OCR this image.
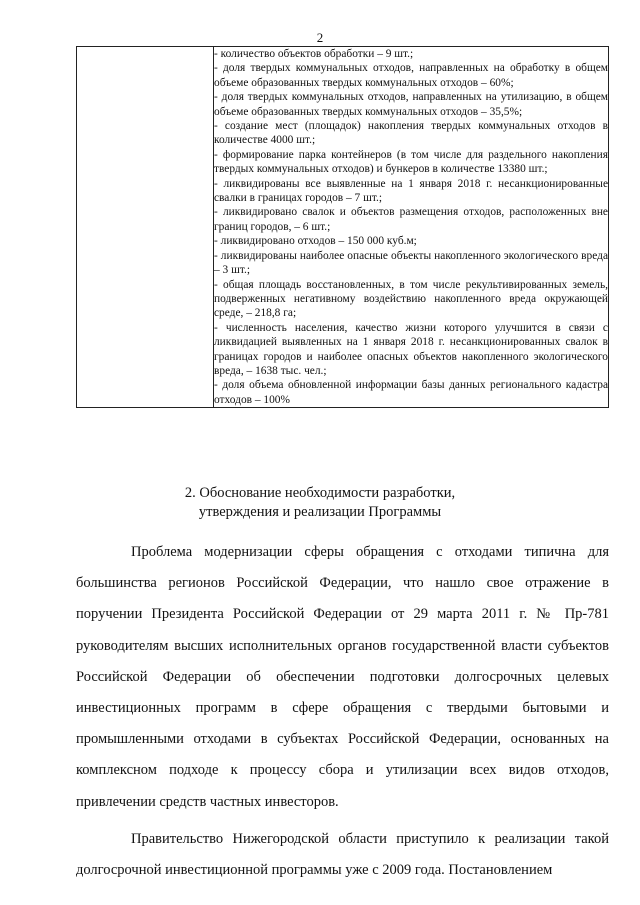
2

- количество объектов обработки – 9 шт.;

- доля твердых коммунальных отходов, направленных на обработку в общем объеме образованных твердых коммунальных отходов – 60%;

- доля твердых коммунальных отходов, направленных на утилизацию, в общем объеме образованных твердых коммунальных отходов – 35,5%;

- создание мест (площадок) накопления твердых коммунальных отходов в количестве 4000 шт.;

- формирование парка контейнеров (в том числе для раздельного накопления твердых коммунальных отходов) и бункеров в количестве 13380 шт.;

- ликвидированы все выявленные на 1 января 2018 г. несанкционированные свалки в границах городов – 7 шт.;

- ликвидировано свалок и объектов размещения отходов, расположенных вне границ городов, – 6 шт.;

- ликвидировано отходов – 150 000 куб.м;

- ликвидированы наиболее опасные объекты накопленного экологического вреда – 3 шт.;

- общая площадь восстановленных, в том числе рекультивированных земель, подверженных негативному воздействию накопленного вреда окружающей среде, – 218,8 га;

- численность населения, качество жизни которого улучшится в связи с ликвидацией выявленных на 1 января 2018 г. несанкционированных свалок в границах городов и наиболее опасных объектов накопленного экологического вреда, – 1638 тыс. чел.;

- доля объема обновленной информации базы данных регионального кадастра отходов – 100%

2. Обоснование необходимости разработки,
утверждения и реализации Программы

Проблема модернизации сферы обращения с отходами типична для большинства регионов Российской Федерации, что нашло свое отражение в поручении Президента Российской Федерации от 29 марта 2011 г. № Пр-781 руководителям высших исполнительных органов государственной власти субъектов Российской Федерации об обеспечении подготовки долгосрочных целевых инвестиционных программ в сфере обращения с твердыми бытовыми и промышленными отходами в субъектах Российской Федерации, основанных на комплексном подходе к процессу сбора и утилизации всех видов отходов, привлечении средств частных инвесторов.

Правительство Нижегородской области приступило к реализации такой долгосрочной инвестиционной программы уже с 2009 года. Постановлением
